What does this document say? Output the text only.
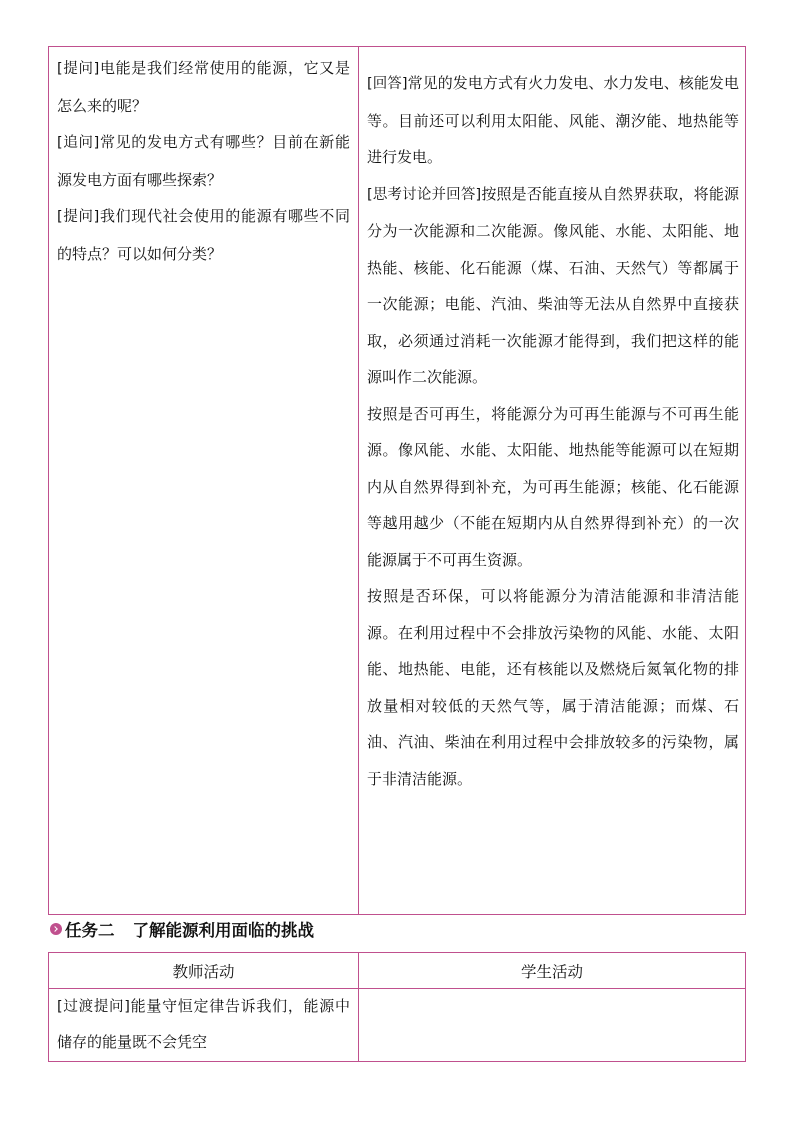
[提问]电能是我们经常使用的能源，它又是怎么来的呢？

[追问]常见的发电方式有哪些？目前在新能源发电方面有哪些探索？

[提问]我们现代社会使用的能源有哪些不同的特点？可以如何分类？

[回答]常见的发电方式有火力发电、水力发电、核能发电等。目前还可以利用太阳能、风能、潮汐能、地热能等进行发电。

[思考讨论并回答]按照是否能直接从自然界获取，将能源分为一次能源和二次能源。像风能、水能、太阳能、地热能、核能、化石能源（煤、石油、天然气）等都属于一次能源；电能、汽油、柴油等无法从自然界中直接获取，必须通过消耗一次能源才能得到，我们把这样的能源叫作二次能源。

按照是否可再生，将能源分为可再生能源与不可再生能源。像风能、水能、太阳能、地热能等能源可以在短期内从自然界得到补充，为可再生能源；核能、化石能源等越用越少（不能在短期内从自然界得到补充）的一次能源属于不可再生资源。

按照是否环保，可以将能源分为清洁能源和非清洁能源。在利用过程中不会排放污染物的风能、水能、太阳能、地热能、电能，还有核能以及燃烧后氮氧化物的排放量相对较低的天然气等，属于清洁能源；而煤、石油、汽油、柴油在利用过程中会排放较多的污染物，属于非清洁能源。

任务二 了解能源利用面临的挑战
教师活动	学生活动

[过渡提问]能量守恒定律告诉我们，能源中储存的能量既不会凭空
